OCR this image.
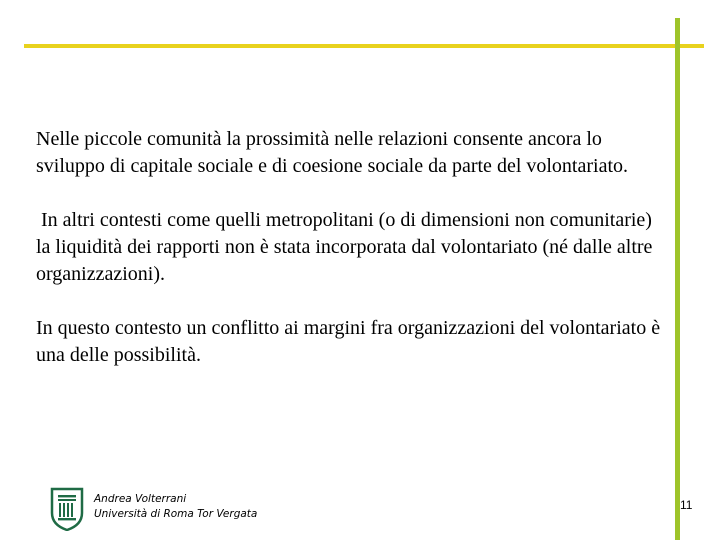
Nelle piccole comunità la prossimità nelle relazioni consente ancora lo sviluppo di capitale sociale e di coesione sociale da parte del volontariato.

In altri contesti come quelli metropolitani (o di dimensioni non comunitarie) la liquidità dei rapporti non è stata incorporata dal volontariato (né dalle altre organizzazioni).

In questo contesto un conflitto ai margini fra organizzazioni del volontariato è una delle possibilità.

Andrea Volterrani
Università di Roma Tor Vergata
11
